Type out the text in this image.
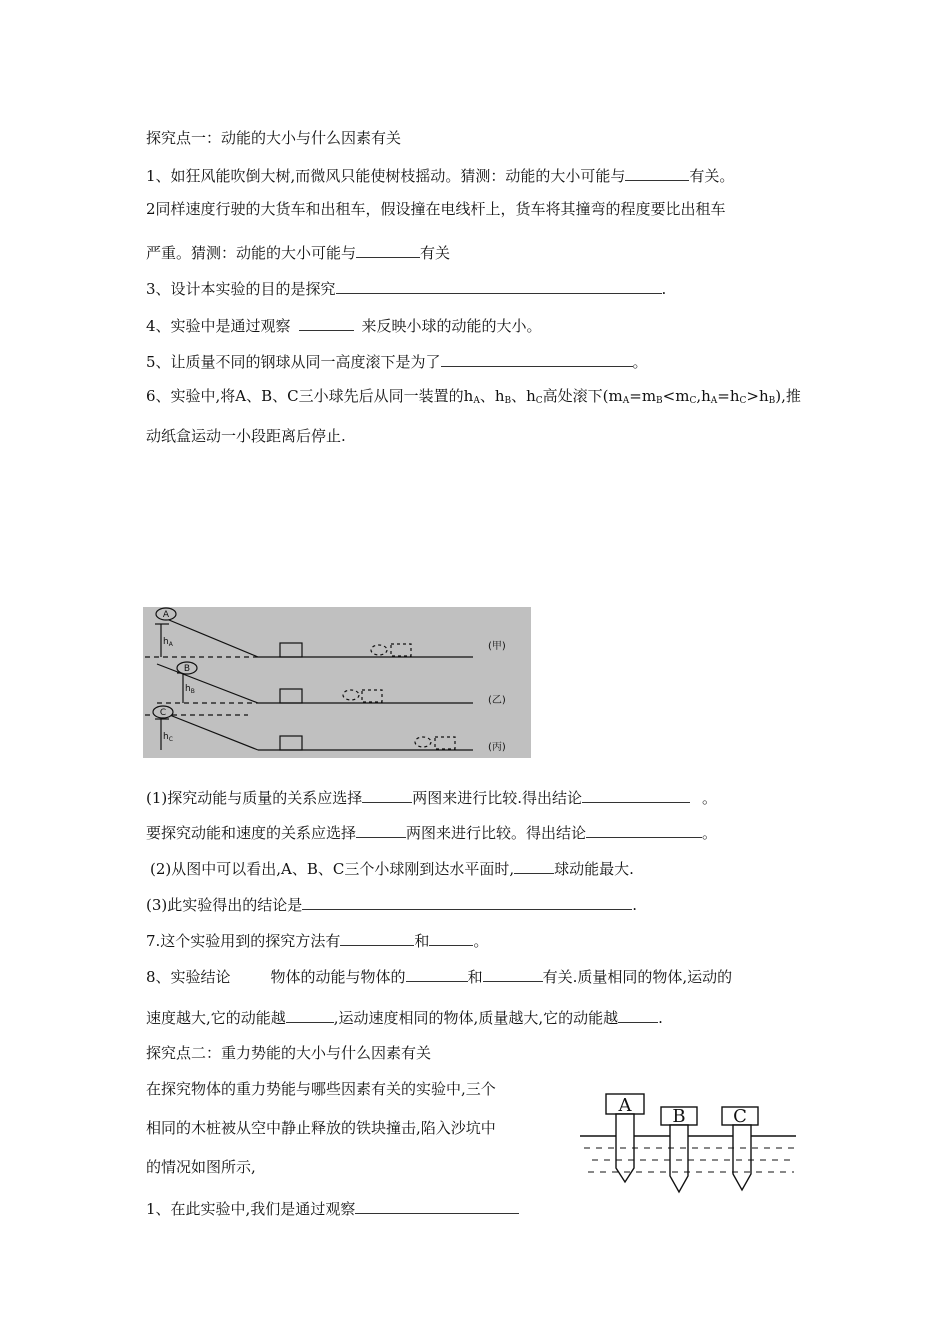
探究点一：动能的大小与什么因素有关
1、如狂风能吹倒大树,而微风只能使树枝摇动。猜测：动能的大小可能与	有关。
2同样速度行驶的大货车和出租车，假设撞在电线杆上，货车将其撞弯的程度要比出租车
严重。猜测：动能的大小可能与	有关
3、设计本实验的目的是探究	.
4、实验中是通过观察	来反映小球的动能的大小。
5、让质量不同的钢球从同一高度滚下是为了	。
6、实验中,将A、B、C三小球先后从同一装置的$h_A$、$h_B$、$h_C$高处滚下$(m_A=m_B<m_C,h_A=h_C>h_B)$,推
动纸盒运动一小段距离后停止.
A
B
C
$h_A$
$h_B$
$h_C$
(甲)
(乙)
(丙)
(1)探究动能与质量的关系应选择	两图来进行比较.得出结论	。
要探究动能和速度的关系应选择	两图来进行比较。得出结论	。
(2)从图中可以看出,A、B、C三个小球刚到达水平面时,	球动能最大.
(3)此实验得出的结论是	.
7.这个实验用到的探究方法有	和	。
8、实验结论	物体的动能与物体的	和	有关.质量相同的物体,运动的
速度越大,它的动能越	,运动速度相同的物体,质量越大,它的动能越	.
探究点二：重力势能的大小与什么因素有关
在探究物体的重力势能与哪些因素有关的实验中,三个
相同的木桩被从空中静止释放的铁块撞击,陷入沙坑中
的情况如图所示,
1、在此实验中,我们是通过观察
A
B	C
